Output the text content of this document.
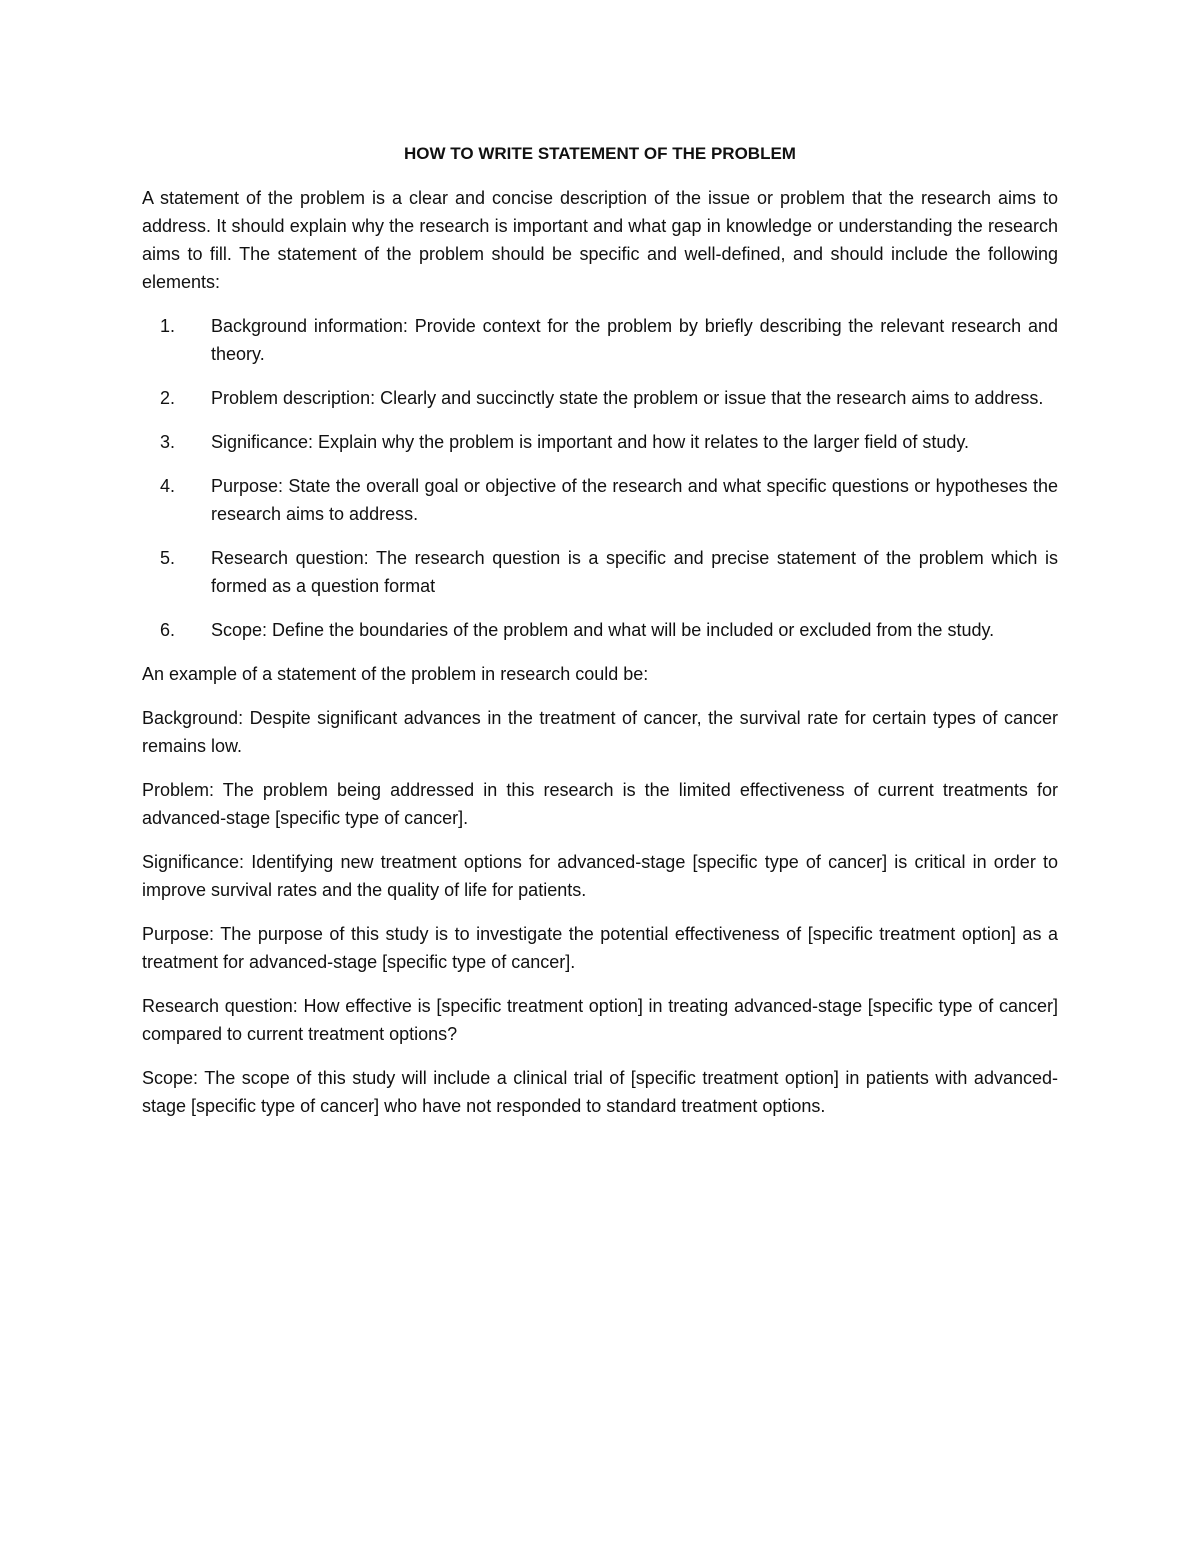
HOW TO WRITE STATEMENT OF THE PROBLEM

A statement of the problem is a clear and concise description of the issue or problem that the research aims to address. It should explain why the research is important and what gap in knowledge or understanding the research aims to fill. The statement of the problem should be specific and well-defined, and should include the following elements:

1.	Background information: Provide context for the problem by briefly describing the relevant research and theory.
2.	Problem description: Clearly and succinctly state the problem or issue that the research aims to address.
3.	Significance: Explain why the problem is important and how it relates to the larger field of study.
4.	Purpose: State the overall goal or objective of the research and what specific questions or hypotheses the research aims to address.
5.	Research question: The research question is a specific and precise statement of the problem which is formed as a question format
6.	Scope: Define the boundaries of the problem and what will be included or excluded from the study.

An example of a statement of the problem in research could be:

Background: Despite significant advances in the treatment of cancer, the survival rate for certain types of cancer remains low.

Problem: The problem being addressed in this research is the limited effectiveness of current treatments for advanced-stage [specific type of cancer].

Significance: Identifying new treatment options for advanced-stage [specific type of cancer] is critical in order to improve survival rates and the quality of life for patients.

Purpose: The purpose of this study is to investigate the potential effectiveness of [specific treatment option] as a treatment for advanced-stage [specific type of cancer].

Research question: How effective is [specific treatment option] in treating advanced-stage [specific type of cancer] compared to current treatment options?

Scope: The scope of this study will include a clinical trial of [specific treatment option] in patients with advanced-stage [specific type of cancer] who have not responded to standard treatment options.
